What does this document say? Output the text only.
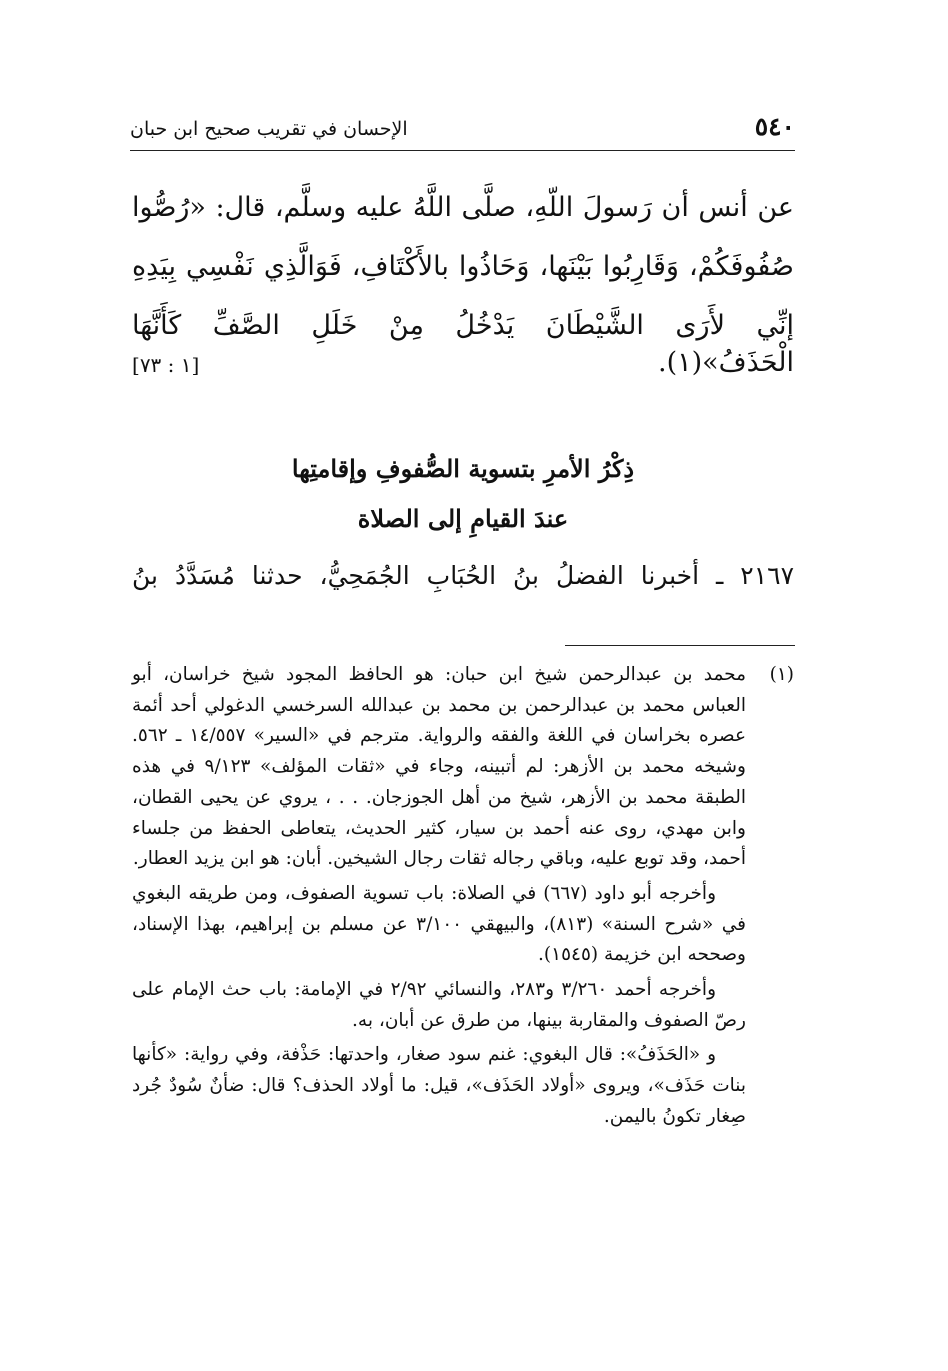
٥٤٠
الإحسان في تقريب صحيح ابن حبان

عن أنس أن رَسولَ اللّهِ، صلَّى اللَّهُ عليه وسلَّم، قال: «رُصُّوا

صُفُوفَكُمْ، وَقَارِبُوا بَيْنَها، وَحَاذُوا بالأَكْتَافِ، فَوَالَّذِي نَفْسِي بِيَدِهِ

إنِّي لأَرَى الشَّيْطَانَ يَدْخُلُ مِنْ خَلَلِ الصَّفِّ كَأَنَّهَا

الْحَذَفُ»(١).
[١ : ٧٣]
ذِكْرُ الأمرِ بتسوية الصُّفوفِ وإقامتِها
عندَ القيامِ إلى الصلاة
٢١٦٧ ـ أخبرنا الفضلُ بنُ الحُبَابِ الجُمَحِيُّ، حدثنا مُسَدَّدُ بنُ

(١)
محمد بن عبدالرحمن شيخ ابن حبان: هو الحافظ المجود شيخ خراسان، أبو العباس محمد بن عبدالرحمن بن محمد بن عبدالله السرخسي الدغولي أحد أئمة عصره بخراسان في اللغة والفقه والرواية. مترجم في «السير» ١٤/٥٥٧ ـ ٥٦٢. وشيخه محمد بن الأزهر: لم أتبينه، وجاء في «ثقات المؤلف» ٩/١٢٣ في هذه الطبقة محمد بن الأزهر، شيخ من أهل الجوزجان. . . ، يروي عن يحيى القطان، وابن مهدي، روى عنه أحمد بن سيار، كثير الحديث، يتعاطى الحفظ من جلساء أحمد، وقد توبع عليه، وباقي رجاله ثقات رجال الشيخين. أبان: هو ابن يزيد العطار.

وأخرجه أبو داود (٦٦٧) في الصلاة: باب تسوية الصفوف، ومن طريقه البغوي في «شرح السنة» (٨١٣)، والبيهقي ٣/١٠٠ عن مسلم بن إبراهيم، بهذا الإسناد، وصححه ابن خزيمة (١٥٤٥).

وأخرجه أحمد ٣/٢٦٠ و٢٨٣، والنسائي ٢/٩٢ في الإمامة: باب حث الإمام على رصّ الصفوف والمقاربة بينها، من طرق عن أبان، به.

و «الحَذَفُ»: قال البغوي: غنم سود صغار، واحدتها: حَذْفة، وفي رواية: «كأنها بنات حَذَف»، ويروى «أولاد الحَذَف»، قيل: ما أولاد الحذف؟ قال: ضأنٌ سُودٌ جُرد صِغار تكونُ باليمن.
